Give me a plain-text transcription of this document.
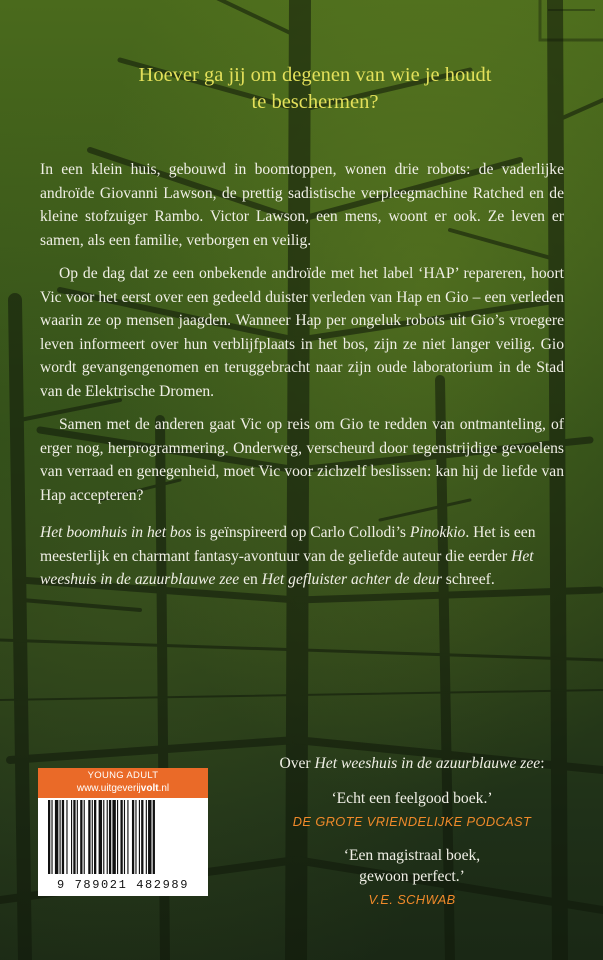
Hoever ga jij om degenen van wie je houdt
te beschermen?

In een klein huis, gebouwd in boomtoppen, wonen drie robots: de vaderlijke androïde Giovanni Lawson, de prettig sadistische verpleegmachine Ratched en de kleine stofzuiger Rambo. Victor Lawson, een mens, woont er ook. Ze leven er samen, als een familie, verborgen en veilig.

Op de dag dat ze een onbekende androïde met het label ‘HAP’ repareren, hoort Vic voor het eerst over een gedeeld duister verleden van Hap en Gio – een verleden waarin ze op mensen jaagden. Wanneer Hap per ongeluk robots uit Gio’s vroegere leven informeert over hun verblijfplaats in het bos, zijn ze niet langer veilig. Gio wordt gevangengenomen en teruggebracht naar zijn oude laboratorium in de Stad van de Elektrische Dromen.

Samen met de anderen gaat Vic op reis om Gio te redden van ontmanteling, of erger nog, herprogrammering. Onderweg, verscheurd door tegenstrijdige gevoelens van verraad en genegenheid, moet Vic voor zichzelf beslissen: kan hij de liefde van Hap accepteren?

Het boomhuis in het bos is geïnspireerd op Carlo Collodi’s Pinokkio. Het is een meesterlijk en charmant fantasy-avontuur van de geliefde auteur die eerder Het weeshuis in de azuurblauwe zee en Het gefluister achter de deur schreef.

Over Het weeshuis in de azuurblauwe zee:
‘Echt een feelgood boek.’
DE GROTE VRIENDELIJKE PODCAST
‘Een magistraal boek,
gewoon perfect.’
V.E. SCHWAB
YOUNG ADULT
www.uitgeverijvolt.nl
9 789021 482989
